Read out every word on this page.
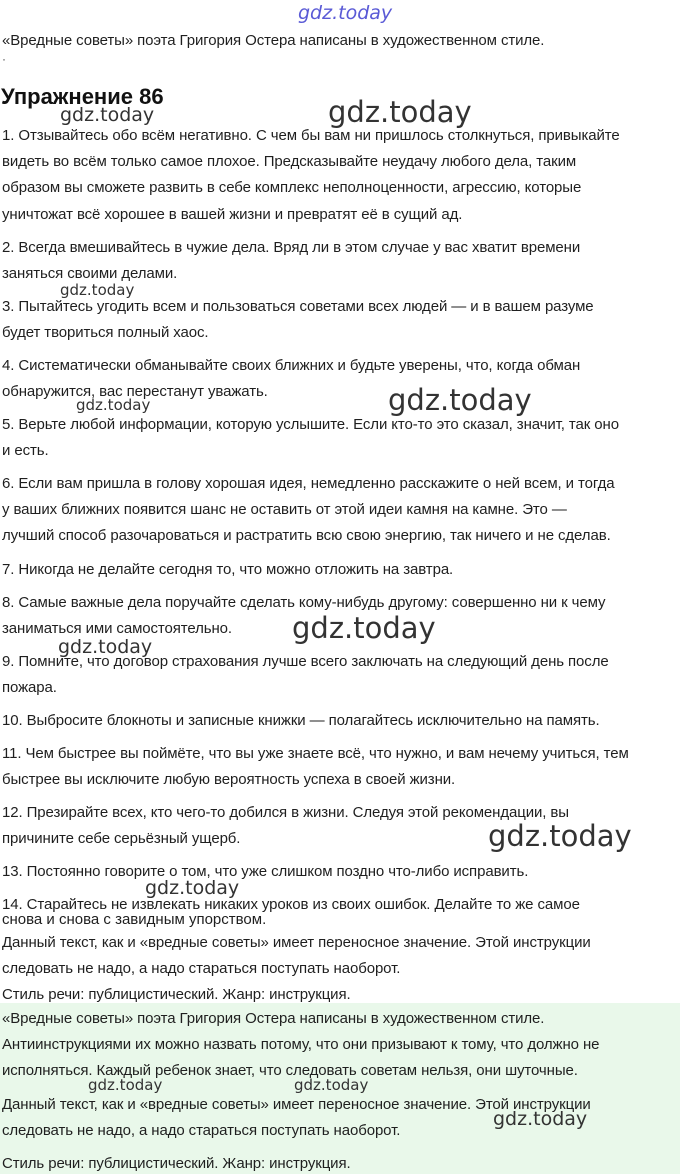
gdz.today
«Вредные советы» поэта Григория Остера написаны в художественном стиле.
·
Упражнение 86
1. Отзывайтесь обо всём негативно. С чем бы вам ни пришлось столкнуться, привыкайте
видеть во всём только самое плохое. Предсказывайте неудачу любого дела, таким
образом вы сможете развить в себе комплекс неполноценности, агрессию, которые
уничтожат всё хорошее в вашей жизни и превратят её в сущий ад.
2. Всегда вмешивайтесь в чужие дела. Вряд ли в этом случае у вас хватит времени
заняться своими делами.
3. Пытайтесь угодить всем и пользоваться советами всех людей — и в вашем разуме
будет твориться полный хаос.
4. Систематически обманывайте своих ближних и будьте уверены, что, когда обман
обнаружится, вас перестанут уважать.
5. Верьте любой информации, которую услышите. Если кто-то это сказал, значит, так оно
и есть.
6. Если вам пришла в голову хорошая идея, немедленно расскажите о ней всем, и тогда
у ваших ближних появится шанс не оставить от этой идеи камня на камне. Это —
лучший способ разочароваться и растратить всю свою энергию, так ничего и не сделав.
7. Никогда не делайте сегодня то, что можно отложить на завтра.
8. Самые важные дела поручайте сделать кому-нибудь другому: совершенно ни к чему
заниматься ими самостоятельно.
9. Помните, что договор страхования лучше всего заключать на следующий день после
пожара.
10. Выбросите блокноты и записные книжки — полагайтесь исключительно на память.
11. Чем быстрее вы поймёте, что вы уже знаете всё, что нужно, и вам нечему учиться, тем
быстрее вы исключите любую вероятность успеха в своей жизни.
12. Презирайте всех, кто чего-то добился в жизни. Следуя этой рекомендации, вы
причините себе серьёзный ущерб.
13. Постоянно говорите о том, что уже слишком поздно что-либо исправить.
14. Старайтесь не извлекать никаких уроков из своих ошибок. Делайте то же самое
снова и снова с завидным упорством.
Данный текст, как и «вредные советы» имеет переносное значение. Этой инструкции
следовать не надо, а надо стараться поступать наоборот.
Стиль речи: публицистический. Жанр: инструкция.
«Вредные советы» поэта Григория Остера написаны в художественном стиле.
Антиинструкциями их можно назвать потому, что они призывают к тому, что должно не
исполняться. Каждый ребенок знает, что следовать советам нельзя, они шуточные.
Данный текст, как и «вредные советы» имеет переносное значение. Этой инструкции
следовать не надо, а надо стараться поступать наоборот.
Стиль речи: публицистический. Жанр: инструкция.
gdz.today
gdz.today
gdz.today
gdz.today	gdz.today
gdz.today
gdz.today
gdz.today
gdz.today
gdz.today	gdz.today
gdz.today
